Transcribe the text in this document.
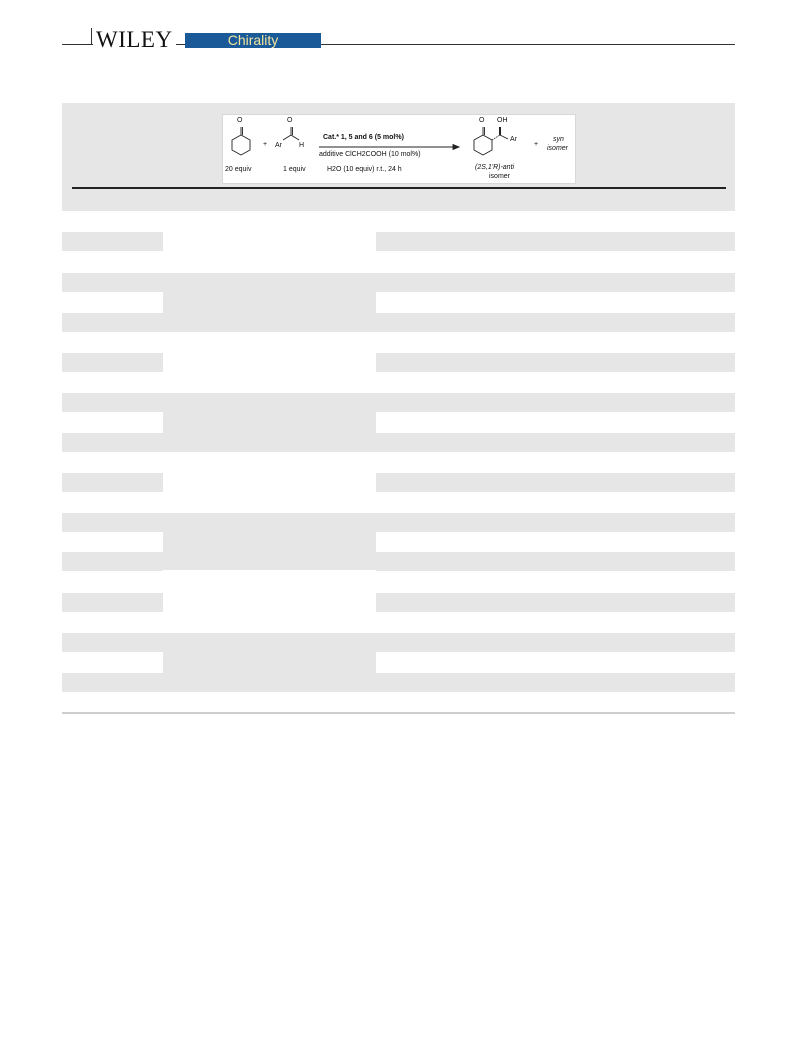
WILEY	Chirality
O
20 equiv
+
O
Ar H
1 equiv
Cat.* 1, 5 and 6 (5 mol%)
additive ClCH2COOH (10 mol%)
H2O (10 equiv) r.t., 24 h
O OH
Ar
(2S,1'R)-anti
isomer
+
syn
isomer
